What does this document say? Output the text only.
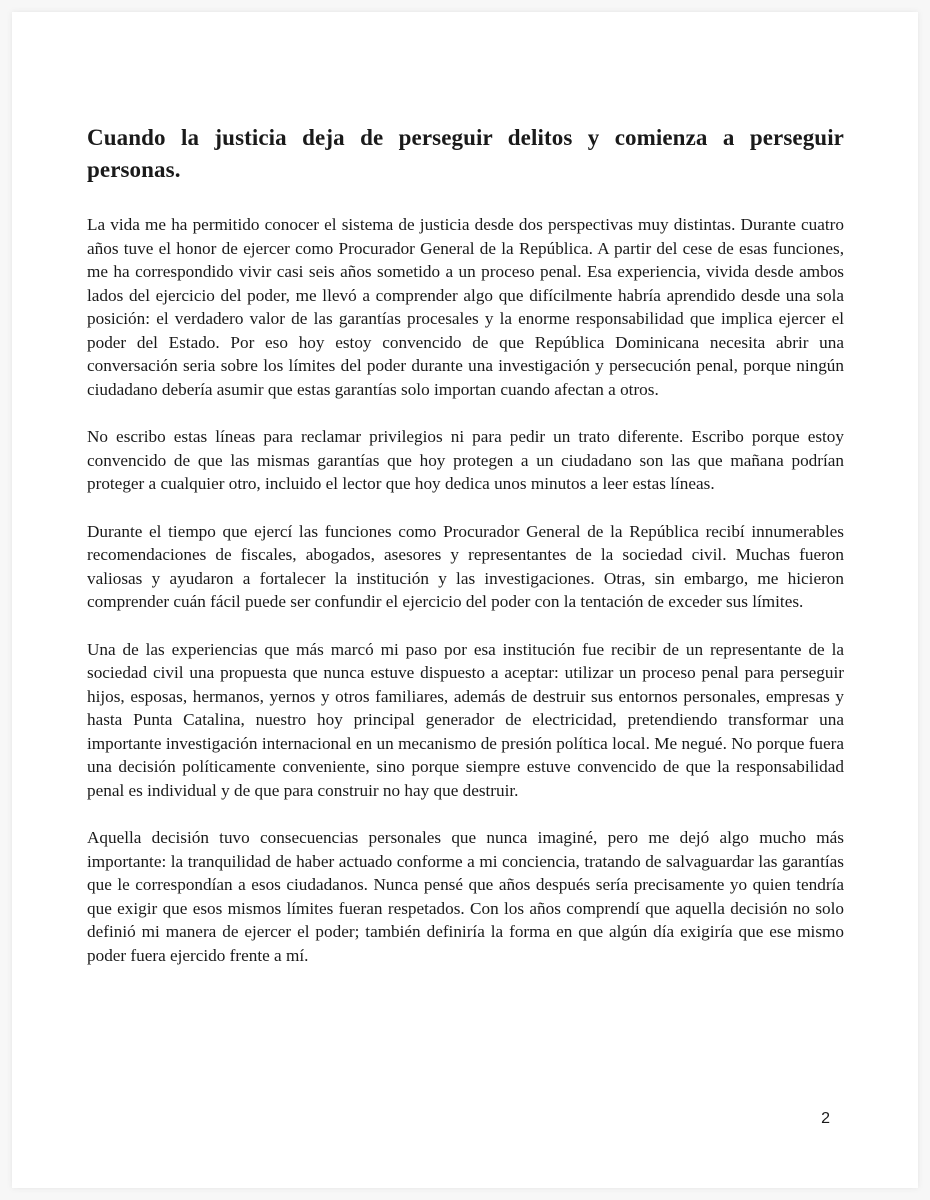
Cuando la justicia deja de perseguir delitos y comienza a perseguir personas.

La vida me ha permitido conocer el sistema de justicia desde dos perspectivas muy distintas. Durante cuatro años tuve el honor de ejercer como Procurador General de la República. A partir del cese de esas funciones, me ha correspondido vivir casi seis años sometido a un proceso penal. Esa experiencia, vivida desde ambos lados del ejercicio del poder, me llevó a comprender algo que difícilmente habría aprendido desde una sola posición: el verdadero valor de las garantías procesales y la enorme responsabilidad que implica ejercer el poder del Estado. Por eso hoy estoy convencido de que República Dominicana necesita abrir una conversación seria sobre los límites del poder durante una investigación y persecución penal, porque ningún ciudadano debería asumir que estas garantías solo importan cuando afectan a otros.

No escribo estas líneas para reclamar privilegios ni para pedir un trato diferente. Escribo porque estoy convencido de que las mismas garantías que hoy protegen a un ciudadano son las que mañana podrían proteger a cualquier otro, incluido el lector que hoy dedica unos minutos a leer estas líneas.

Durante el tiempo que ejercí las funciones como Procurador General de la República recibí innumerables recomendaciones de fiscales, abogados, asesores y representantes de la sociedad civil. Muchas fueron valiosas y ayudaron a fortalecer la institución y las investigaciones. Otras, sin embargo, me hicieron comprender cuán fácil puede ser confundir el ejercicio del poder con la tentación de exceder sus límites.

Una de las experiencias que más marcó mi paso por esa institución fue recibir de un representante de la sociedad civil una propuesta que nunca estuve dispuesto a aceptar: utilizar un proceso penal para perseguir hijos, esposas, hermanos, yernos y otros familiares, además de destruir sus entornos personales, empresas y hasta Punta Catalina, nuestro hoy principal generador de electricidad, pretendiendo transformar una importante investigación internacional en un mecanismo de presión política local. Me negué. No porque fuera una decisión políticamente conveniente, sino porque siempre estuve convencido de que la responsabilidad penal es individual y de que para construir no hay que destruir.

Aquella decisión tuvo consecuencias personales que nunca imaginé, pero me dejó algo mucho más importante: la tranquilidad de haber actuado conforme a mi conciencia, tratando de salvaguardar las garantías que le correspondían a esos ciudadanos. Nunca pensé que años después sería precisamente yo quien tendría que exigir que esos mismos límites fueran respetados. Con los años comprendí que aquella decisión no solo definió mi manera de ejercer el poder; también definiría la forma en que algún día exigiría que ese mismo poder fuera ejercido frente a mí.

2
